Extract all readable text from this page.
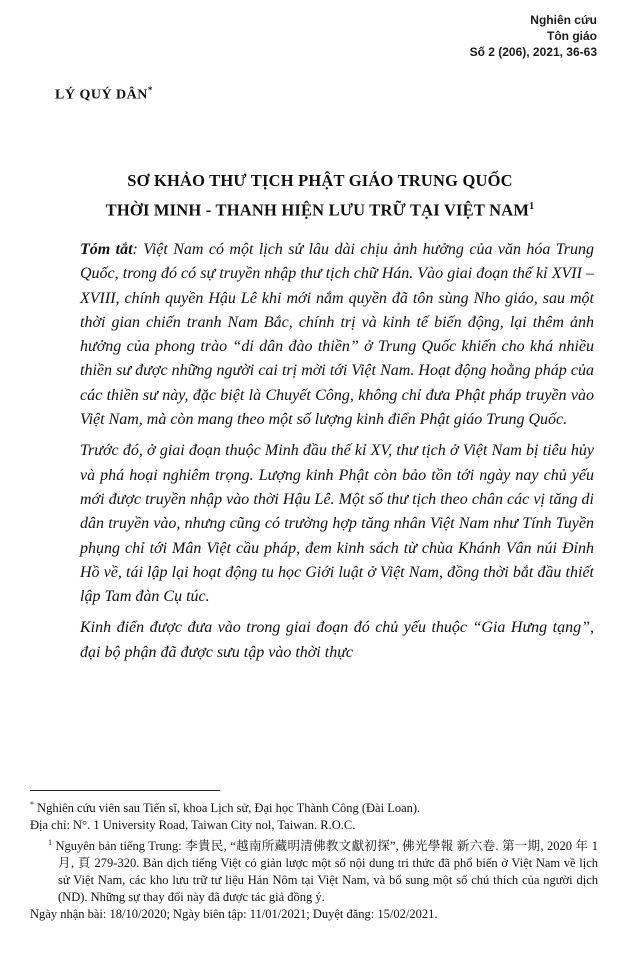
Nghiên cứu
Tôn giáo
Số 2 (206), 2021, 36-63
LÝ QUÝ DÂN*
SƠ KHẢO THƯ TỊCH PHẬT GIÁO TRUNG QUỐC
THỜI MINH - THANH HIỆN LƯU TRỮ TẠI VIỆT NAM$^1$

Tóm tắt: Việt Nam có một lịch sử lâu dài chịu ảnh hưởng của văn hóa Trung Quốc, trong đó có sự truyền nhập thư tịch chữ Hán. Vào giai đoạn thế kỉ XVII – XVIII, chính quyền Hậu Lê khi mới nắm quyền đã tôn sùng Nho giáo, sau một thời gian chiến tranh Nam Bắc, chính trị và kinh tế biến động, lại thêm ảnh hưởng của phong trào “di dân đào thiền” ở Trung Quốc khiến cho khá nhiều thiền sư được những người cai trị mời tới Việt Nam. Hoạt động hoằng pháp của các thiền sư này, đặc biệt là Chuyết Công, không chỉ đưa Phật pháp truyền vào Việt Nam, mà còn mang theo một số lượng kinh điển Phật giáo Trung Quốc.

Trước đó, ở giai đoạn thuộc Minh đầu thế kỉ XV, thư tịch ở Việt Nam bị tiêu hủy và phá hoại nghiêm trọng. Lượng kinh Phật còn bảo tồn tới ngày nay chủ yếu mới được truyền nhập vào thời Hậu Lê. Một số thư tịch theo chân các vị tăng di dân truyền vào, nhưng cũng có trường hợp tăng nhân Việt Nam như Tính Tuyền phụng chỉ tới Mân Việt cầu pháp, đem kinh sách từ chùa Khánh Vân núi Đỉnh Hồ về, tái lập lại hoạt động tu học Giới luật ở Việt Nam, đồng thời bắt đầu thiết lập Tam đàn Cụ túc.

Kinh điển được đưa vào trong giai đoạn đó chủ yếu thuộc “Gia Hưng tạng”, đại bộ phận đã được sưu tập vào thời thực

* Nghiên cứu viên sau Tiến sĩ, khoa Lịch sử, Đại học Thành Công (Đài Loan).

Địa chỉ: N°. 1 University Road, Taiwan City nol, Taiwan. R.O.C.

$^1$ Nguyên bản tiếng Trung: 李貴民, “越南所藏明清佛教文獻初探”, 佛光學報 新六卷. 第一期, 2020 年 1 月, 頁 279-320. Bản dịch tiếng Việt có giản lược một số nội dung tri thức đã phổ biến ở Việt Nam về lịch sử Việt Nam, các kho lưu trữ tư liệu Hán Nôm tại Việt Nam, và bổ sung một số chú thích của người dịch (ND). Những sự thay đổi này đã được tác giả đồng ý.

Ngày nhận bài: 18/10/2020; Ngày biên tập: 11/01/2021; Duyệt đăng: 15/02/2021.
